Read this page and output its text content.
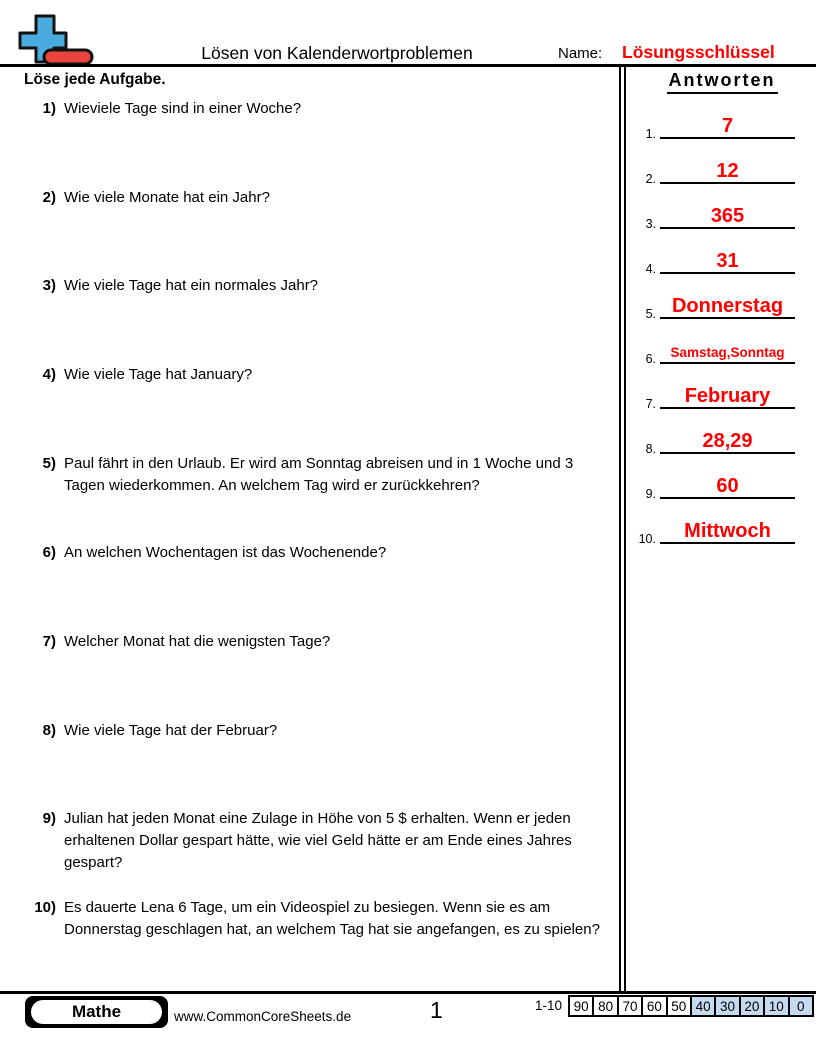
Lösen von Kalenderwortproblemen	Name: Lösungsschlüssel
Löse jede Aufgabe.
1) Wieviele Tage sind in einer Woche?
2) Wie viele Monate hat ein Jahr?
3) Wie viele Tage hat ein normales Jahr?
4) Wie viele Tage hat January?
5) Paul fährt in den Urlaub. Er wird am Sonntag abreisen und in 1 Woche und 3 Tagen wiederkommen. An welchem Tag wird er zurückkehren?
6) An welchen Wochentagen ist das Wochenende?
7) Welcher Monat hat die wenigsten Tage?
8) Wie viele Tage hat der Februar?
9) Julian hat jeden Monat eine Zulage in Höhe von 5 $ erhalten. Wenn er jeden erhaltenen Dollar gespart hätte, wie viel Geld hätte er am Ende eines Jahres gespart?
10) Es dauerte Lena 6 Tage, um ein Videospiel zu besiegen. Wenn sie es am Donnerstag geschlagen hat, an welchem Tag hat sie angefangen, es zu spielen?
Antworten
1.	7
2.	12
3.	365
4.	31
5. Donnerstag
6.	Samstag,Sonntag
7.	February
8.	28,29
9.	60
10.	Mittwoch
Mathe	www.CommonCoreSheets.de	1	1-10 90 80 70 60 50 40 30 20 10 0
